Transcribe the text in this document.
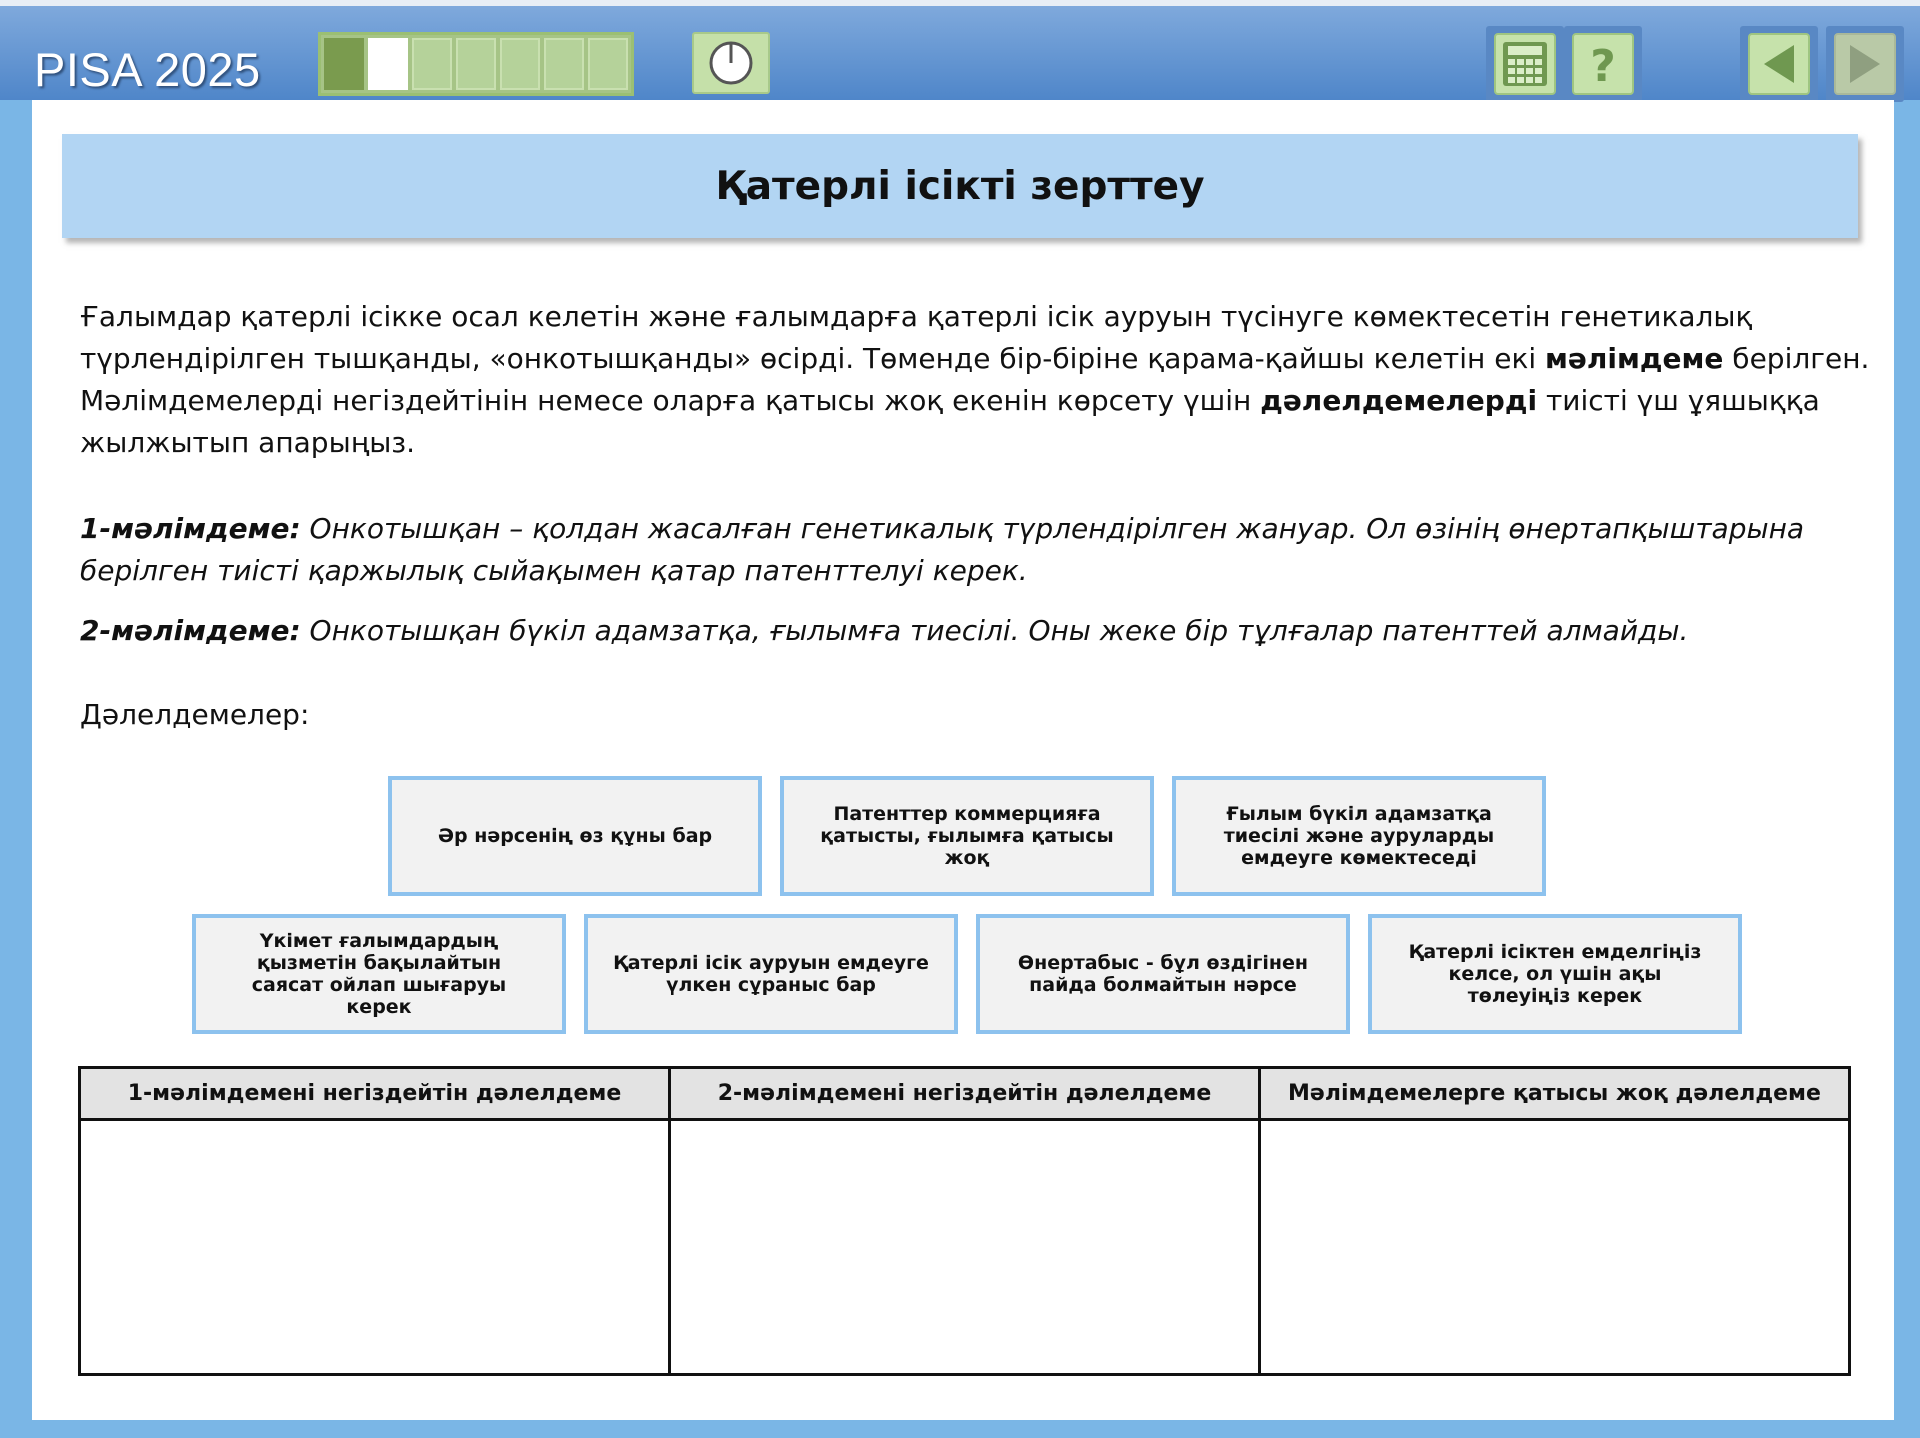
PISA 2025	?
Қатерлі ісікті зерттеу

Ғалымдар қатерлі ісікке осал келетін және ғалымдарға қатерлі ісік ауруын түсінуге көмектесетін генетикалық түрлендірілген тышқанды, «онкотышқанды» өсірді. Төменде бір-біріне қарама-қайшы келетін екі мәлімдеме берілген. Мәлімдемелерді негіздейтінін немесе оларға қатысы жоқ екенін көрсету үшін дәлелдемелерді тиісті үш ұяшыққа жылжытып апарыңыз.

1-мәлімдеме: Онкотышқан – қолдан жасалған генетикалық түрлендірілген жануар. Ол өзінің өнертапқыштарына берілген тиісті қаржылық сыйақымен қатар патенттелуі керек.

2-мәлімдеме: Онкотышқан бүкіл адамзатқа, ғылымға тиесілі. Оны жеке бір тұлғалар патенттей алмайды.

Дәлелдемелер:
Әр нәрсенің өз құны бар
Патенттер коммерцияға қатысты, ғылымға қатысы жоқ
Ғылым бүкіл адамзатқа тиесілі және ауруларды емдеуге көмектеседі
Үкімет ғалымдардың қызметін бақылайтын саясат ойлап шығаруы керек
Қатерлі ісік ауруын емдеуге үлкен сұраныс бар
Өнертабыс - бұл өздігінен пайда болмайтын нәрсе
Қатерлі ісіктен емделгіңіз келсе, ол үшін ақы төлеуіңіз керек
1-мәлімдемені негіздейтін дәлелдеме	2-мәлімдемені негіздейтін дәлелдеме	Мәлімдемелерге қатысы жоқ дәлелдеме
